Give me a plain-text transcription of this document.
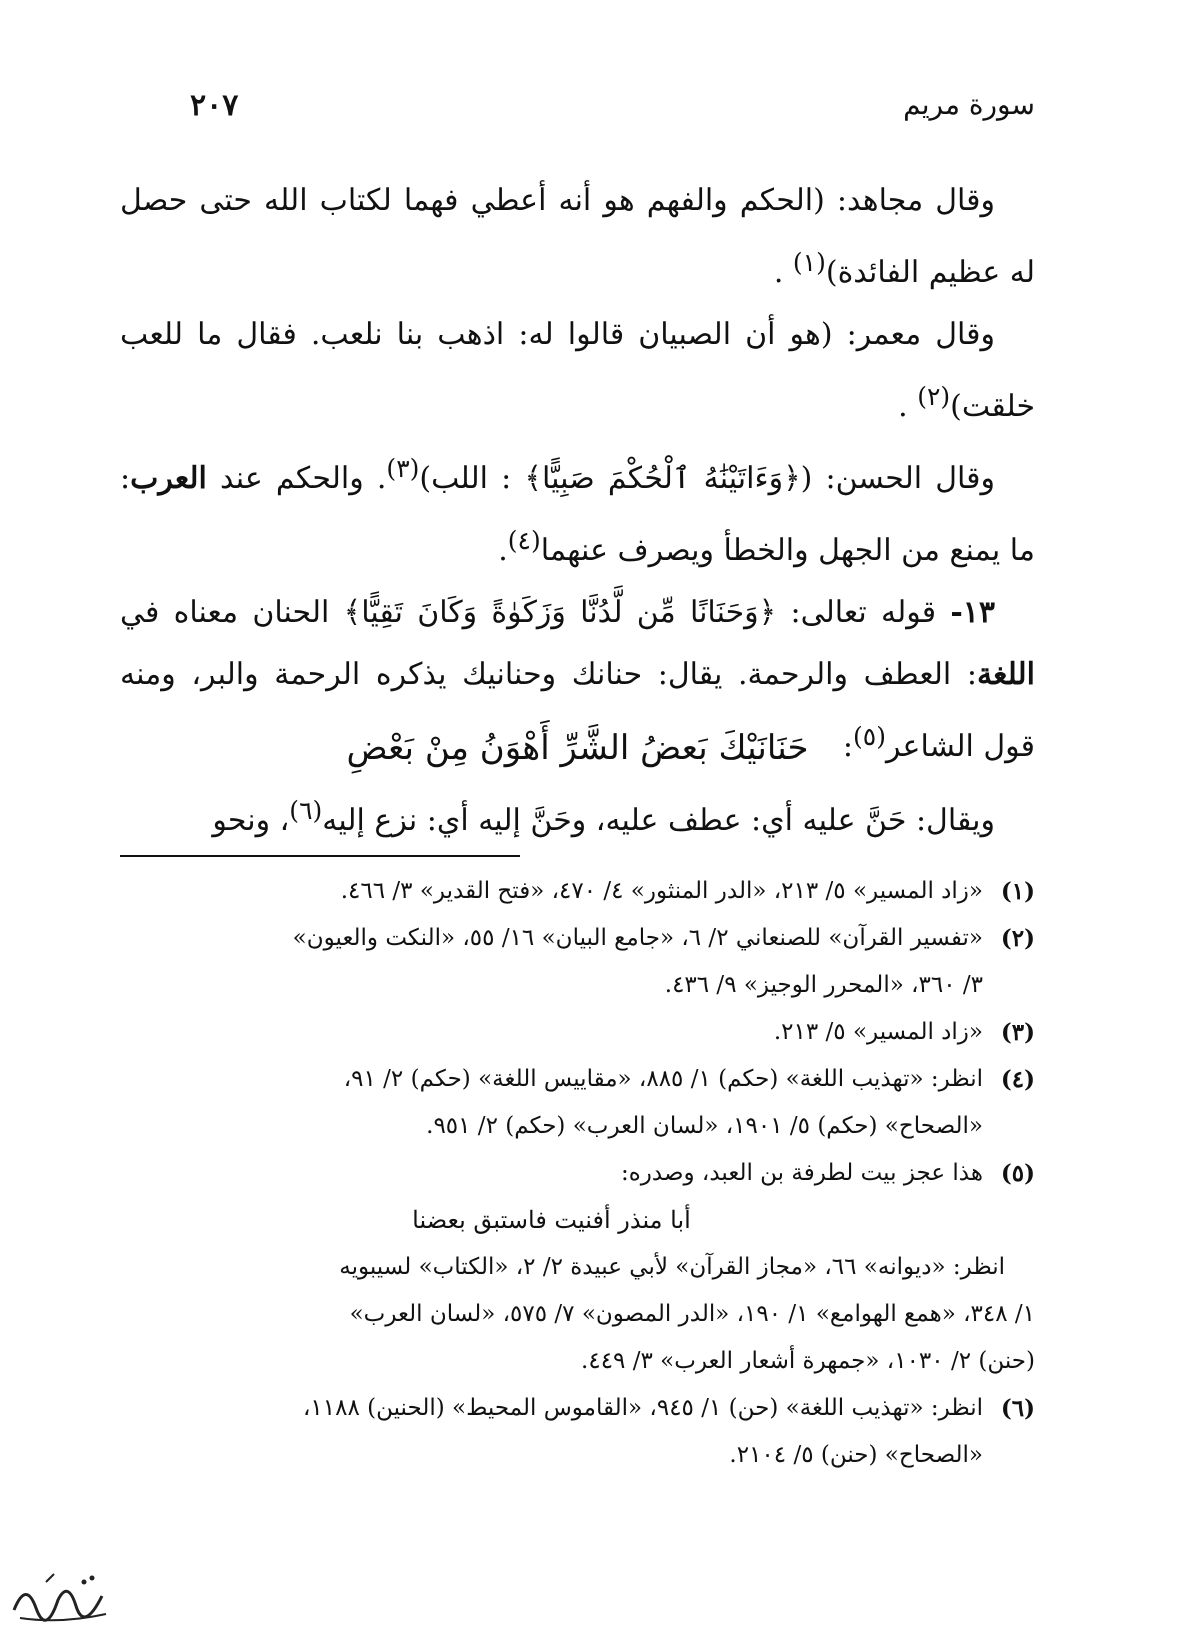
سورة مريم
٢٠٧

وقال مجاهد: (الحكم والفهم هو أنه أعطي فهما لكتاب الله حتى حصل له عظيم الفائدة)$^{(١)}$ .

وقال معمر: (هو أن الصبيان قالوا له: اذهب بنا نلعب. فقال ما للعب خلقت)$^{(٢)}$ .

وقال الحسن: (﴿وَءَاتَيْنَٰهُ ٱلْحُكْمَ صَبِيًّا﴾ : اللب)$^{(٣)}$. والحكم عند العرب: ما يمنع من الجهل والخطأ ويصرف عنهما$^{(٤)}$.

١٣- قوله تعالى: ﴿وَحَنَانًا مِّن لَّدُنَّا وَزَكَوٰةً وَكَانَ تَقِيًّا﴾ الحنان معناه في اللغة: العطف والرحمة. يقال: حنانك وحنانيك يذكره الرحمة والبر، ومنه قول الشاعر$^{(٥)}$:

حَنَانَيْكَ بَعضُ الشَّرِّ أَهْوَنُ مِنْ بَعْضِ
ويقال: حَنَّ عليه أي: عطف عليه، وحَنَّ إليه أي: نزع إليه$^{(٦)}$، ونحو

(١)
«زاد المسير» ٥/ ٢١٣، «الدر المنثور» ٤/ ٤٧٠، «فتح القدير» ٣/ ٤٦٦.

(٢)
«تفسير القرآن» للصنعاني ٢/ ٦، «جامع البيان» ١٦/ ٥٥، «النكت والعيون»

٣/ ٣٦٠، «المحرر الوجيز» ٩/ ٤٣٦.

(٣)
«زاد المسير» ٥/ ٢١٣.

(٤)
انظر: «تهذيب اللغة» (حكم) ١/ ٨٨٥، «مقاييس اللغة» (حكم) ٢/ ٩١،

«الصحاح» (حكم) ٥/ ١٩٠١، «لسان العرب» (حكم) ٢/ ٩٥١.

(٥)
هذا عجز بيت لطرفة بن العبد، وصدره:

أبا منذر أفنيت فاستبق بعضنا

انظر: «ديوانه» ٦٦، «مجاز القرآن» لأبي عبيدة ٢/ ٢، «الكتاب» لسيبويه

١/ ٣٤٨، «همع الهوامع» ١/ ١٩٠، «الدر المصون» ٧/ ٥٧٥، «لسان العرب»

(حنن) ٢/ ١٠٣٠، «جمهرة أشعار العرب» ٣/ ٤٤٩.

(٦)
انظر: «تهذيب اللغة» (حن) ١/ ٩٤٥، «القاموس المحيط» (الحنين) ١١٨٨،

«الصحاح» (حنن) ٥/ ٢١٠٤.
